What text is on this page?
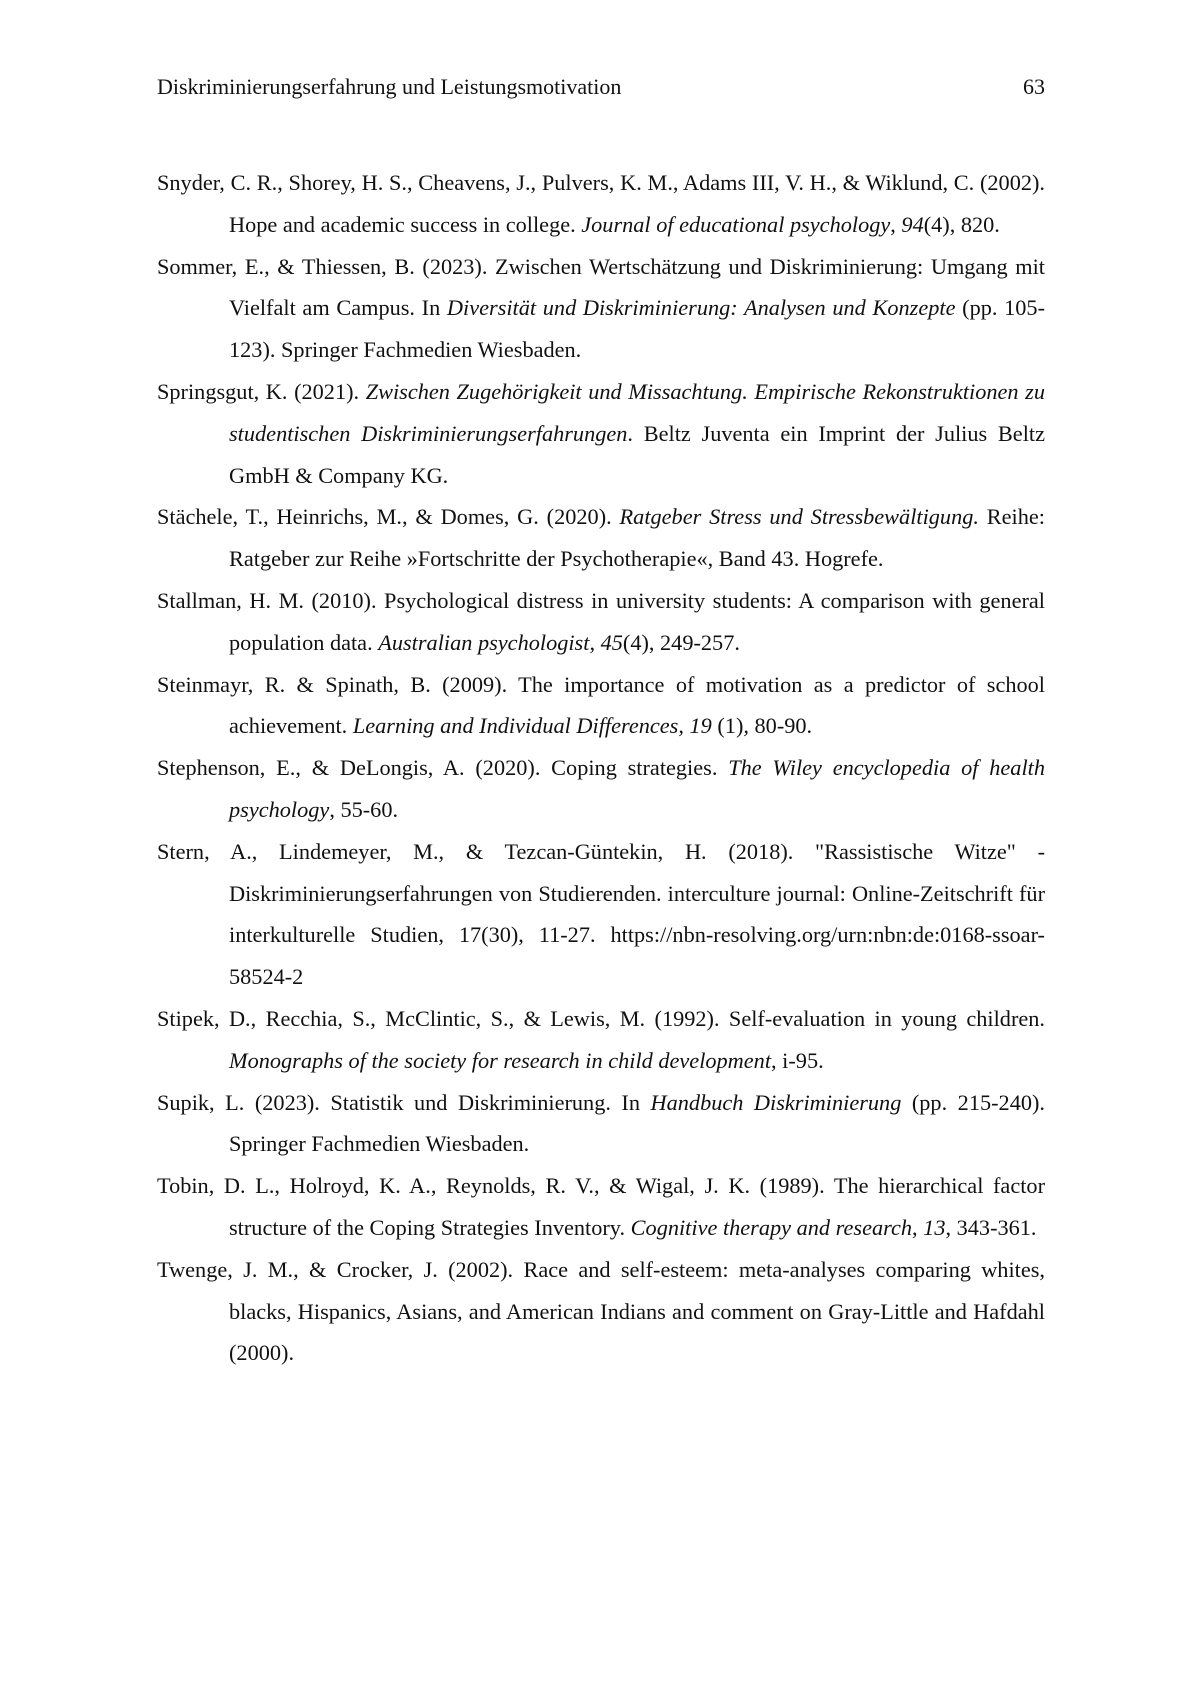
Diskriminierungserfahrung und Leistungsmotivation	63

Snyder, C. R., Shorey, H. S., Cheavens, J., Pulvers, K. M., Adams III, V. H., & Wiklund, C. (2002). Hope and academic success in college. Journal of educational psychology, 94(4), 820.

Sommer, E., & Thiessen, B. (2023). Zwischen Wertschätzung und Diskriminierung: Umgang mit Vielfalt am Campus. In Diversität und Diskriminierung: Analysen und Konzepte (pp. 105-123). Springer Fachmedien Wiesbaden.

Springsgut, K. (2021). Zwischen Zugehörigkeit und Missachtung. Empirische Rekonstruktionen zu studentischen Diskriminierungserfahrungen. Beltz Juventa ein Imprint der Julius Beltz GmbH & Company KG.

Stächele, T., Heinrichs, M., & Domes, G. (2020). Ratgeber Stress und Stressbewältigung. Reihe: Ratgeber zur Reihe »Fortschritte der Psychotherapie«, Band 43. Hogrefe.

Stallman, H. M. (2010). Psychological distress in university students: A comparison with general population data. Australian psychologist, 45(4), 249-257.

Steinmayr, R. & Spinath, B. (2009). The importance of motivation as a predictor of school achievement. Learning and Individual Differences, 19 (1), 80-90.

Stephenson, E., & DeLongis, A. (2020). Coping strategies. The Wiley encyclopedia of health psychology, 55-60.

Stern, A., Lindemeyer, M., & Tezcan-Güntekin, H. (2018). "Rassistische Witze" - Diskriminierungserfahrungen von Studierenden. interculture journal: Online-Zeitschrift für interkulturelle Studien, 17(30), 11-27. https://nbn-resolving.org/urn:nbn:de:0168-ssoar-58524-2

Stipek, D., Recchia, S., McClintic, S., & Lewis, M. (1992). Self-evaluation in young children. Monographs of the society for research in child development, i-95.

Supik, L. (2023). Statistik und Diskriminierung. In Handbuch Diskriminierung (pp. 215-240). Springer Fachmedien Wiesbaden.

Tobin, D. L., Holroyd, K. A., Reynolds, R. V., & Wigal, J. K. (1989). The hierarchical factor structure of the Coping Strategies Inventory. Cognitive therapy and research, 13, 343-361.

Twenge, J. M., & Crocker, J. (2002). Race and self-esteem: meta-analyses comparing whites, blacks, Hispanics, Asians, and American Indians and comment on Gray-Little and Hafdahl (2000).
